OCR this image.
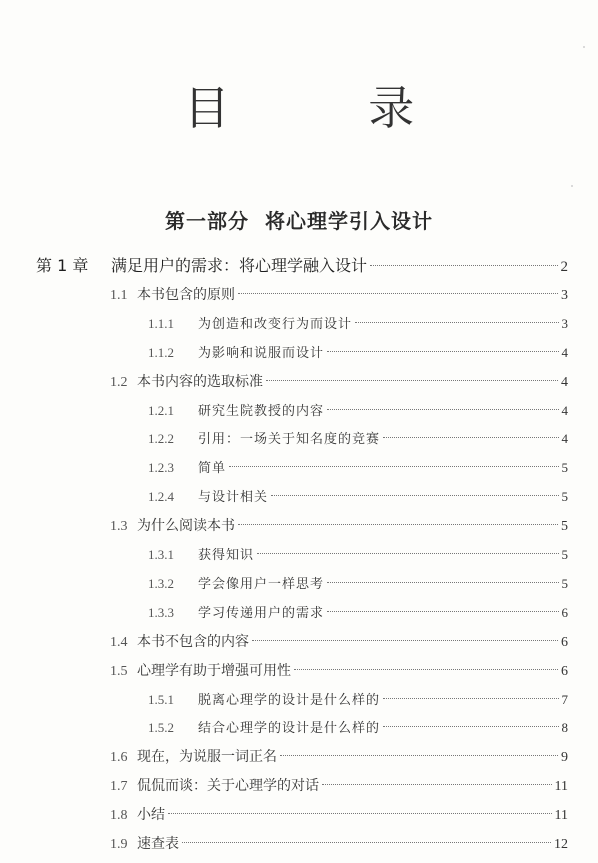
目 录
第一部分 将心理学引入设计
第 1 章	满足用户的需求：将心理学融入设计	2
1.1 本书包含的原则	3
1.1.1	为创造和改变行为而设计	3
1.1.2	为影响和说服而设计	4
1.2 本书内容的选取标准	4
1.2.1	研究生院教授的内容	4
1.2.2	引用：一场关于知名度的竞赛	4
1.2.3	简单	5
1.2.4	与设计相关	5
1.3 为什么阅读本书	5
1.3.1	获得知识	5
1.3.2	学会像用户一样思考	5
1.3.3	学习传递用户的需求	6
1.4 本书不包含的内容	6
1.5 心理学有助于增强可用性	6
1.5.1	脱离心理学的设计是什么样的	7
1.5.2	结合心理学的设计是什么样的	8
1.6 现在，为说服一词正名	9
1.7 侃侃而谈：关于心理学的对话	11
1.8 小结	11
1.9 速查表	12
